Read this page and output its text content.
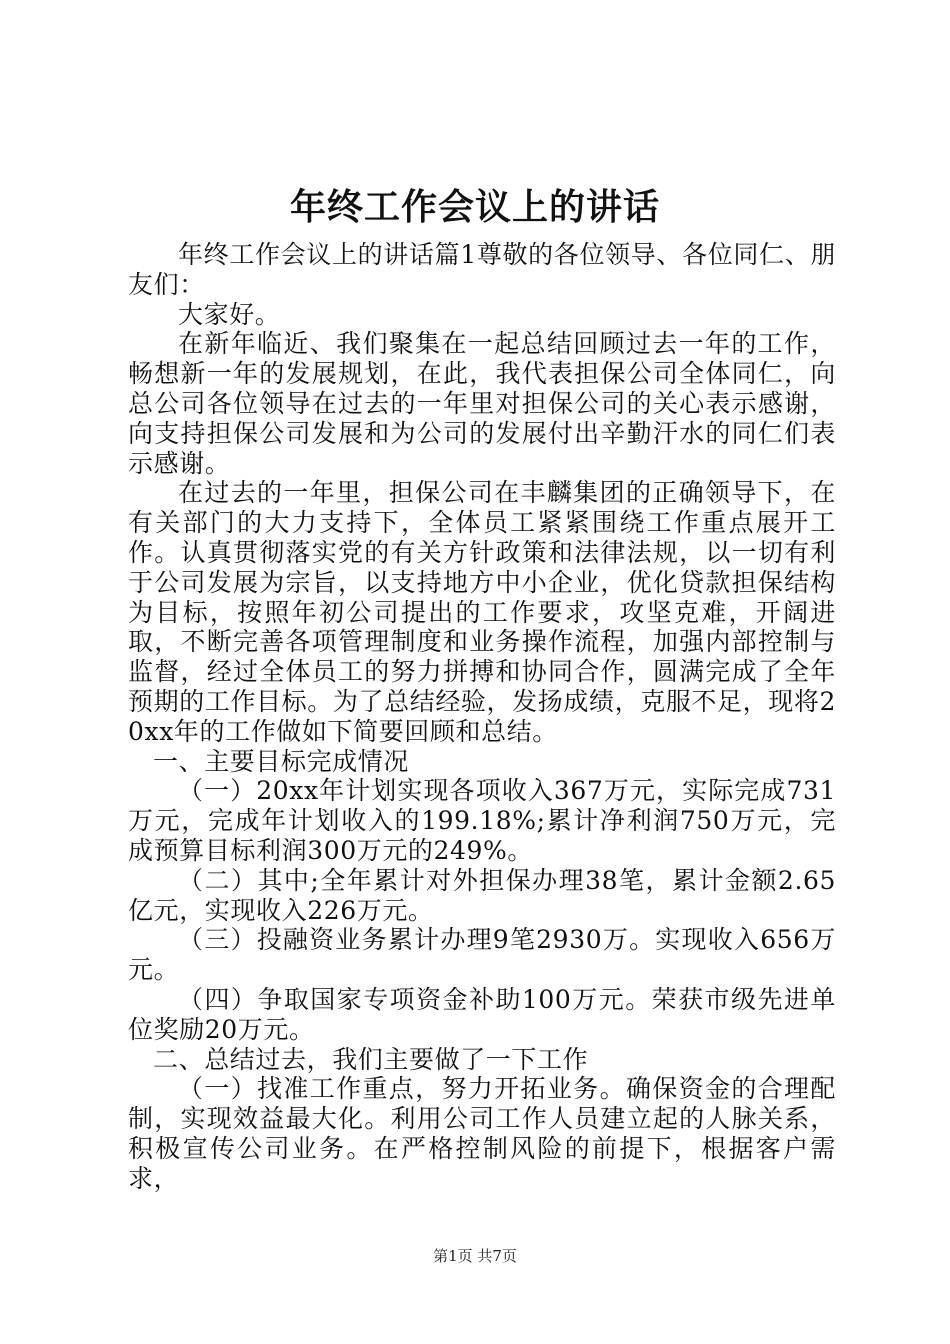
年终工作会议上的讲话

年终工作会议上的讲话篇1尊敬的各位领导、各位同仁、朋友们：

大家好。

在新年临近、我们聚集在一起总结回顾过去一年的工作，畅想新一年的发展规划，在此，我代表担保公司全体同仁，向总公司各位领导在过去的一年里对担保公司的关心表示感谢，向支持担保公司发展和为公司的发展付出辛勤汗水的同仁们表示感谢。

在过去的一年里，担保公司在丰麟集团的正确领导下，在有关部门的大力支持下，全体员工紧紧围绕工作重点展开工作。认真贯彻落实党的有关方针政策和法律法规，以一切有利于公司发展为宗旨，以支持地方中小企业，优化贷款担保结构为目标，按照年初公司提出的工作要求，攻坚克难，开阔进取，不断完善各项管理制度和业务操作流程，加强内部控制与监督，经过全体员工的努力拼搏和协同合作，圆满完成了全年预期的工作目标。为了总结经验，发扬成绩，克服不足，现将20xx年的工作做如下简要回顾和总结。

一、主要目标完成情况

（一）20xx年计划实现各项收入367万元，实际完成731万元，完成年计划收入的199.18%;累计净利润750万元，完成预算目标利润300万元的249%。

（二）其中;全年累计对外担保办理38笔，累计金额2.65亿元，实现收入226万元。

（三）投融资业务累计办理9笔2930万。实现收入656万元。

（四）争取国家专项资金补助100万元。荣获市级先进单位奖励20万元。

二、总结过去，我们主要做了一下工作

（一）找准工作重点，努力开拓业务。确保资金的合理配制，实现效益最大化。利用公司工作人员建立起的人脉关系，积极宣传公司业务。在严格控制风险的前提下，根据客户需求，

第1页 共7页
